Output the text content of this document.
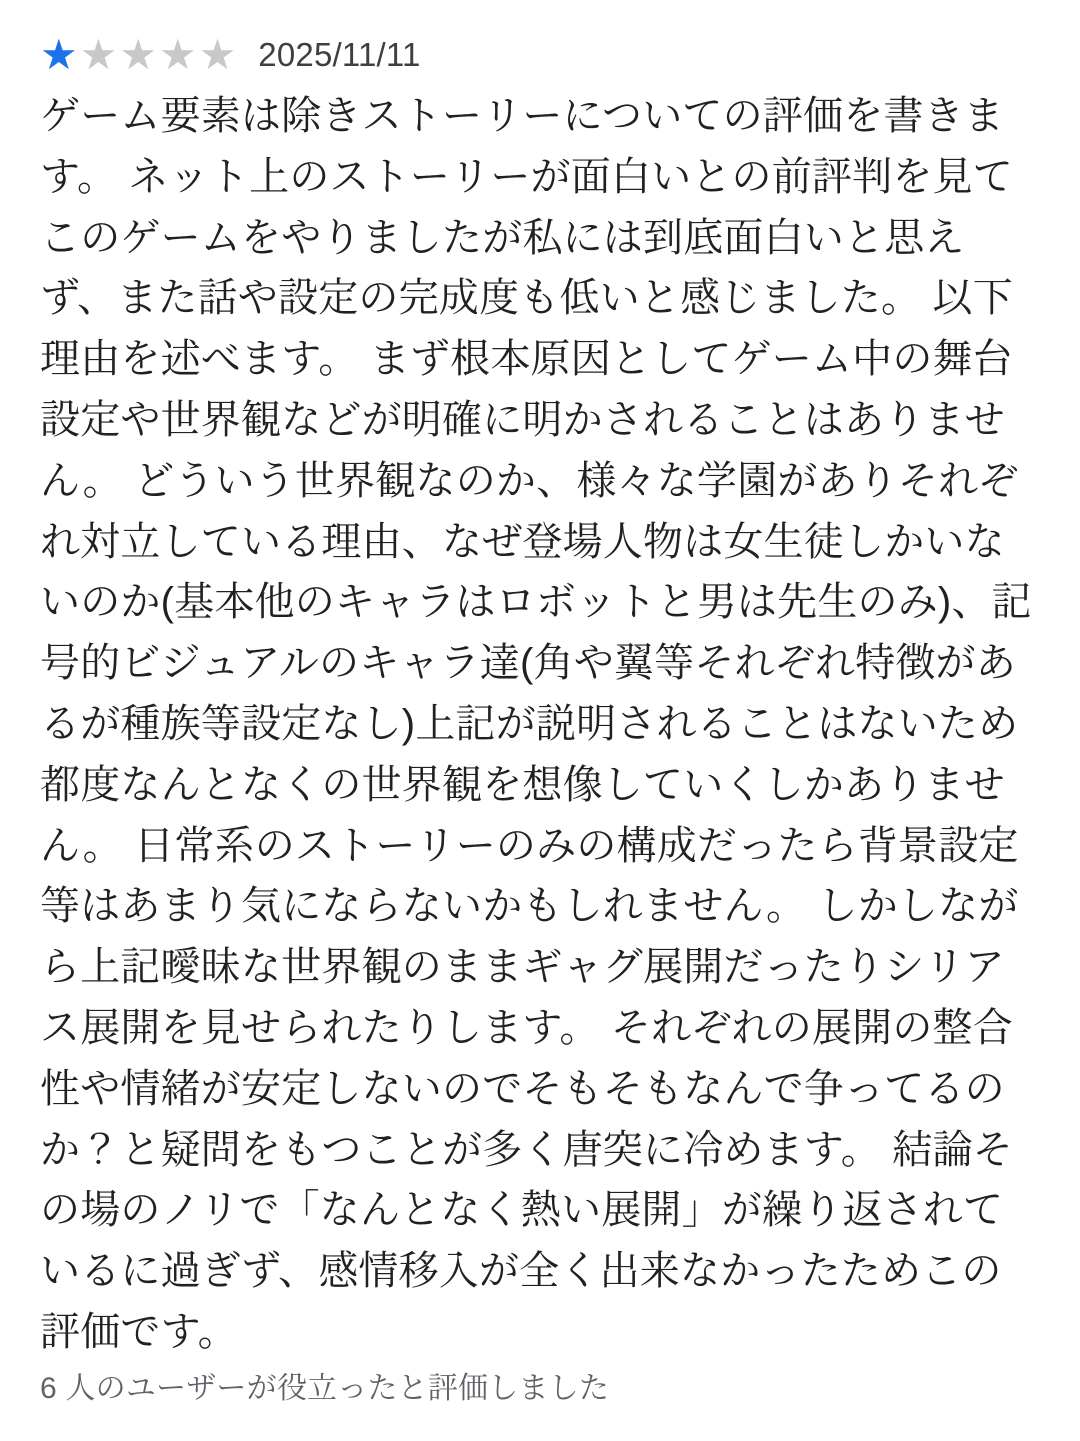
★ ★ ★ ★ ★ 2025/11/11
ゲーム要素は除きストーリーについての評価を書きます。 ネット上のストーリーが面白いとの前評判を見てこのゲームをやりましたが私には到底面白いと思えず、また話や設定の完成度も低いと感じました。 以下理由を述べます。 まず根本原因としてゲーム中の舞台設定や世界観などが明確に明かされることはありません。 どういう世界観なのか、様々な学園がありそれぞれ対立している理由、なぜ登場人物は女生徒しかいないのか(基本他のキャラはロボットと男は先生のみ)、記号的ビジュアルのキャラ達(角や翼等それぞれ特徴があるが種族等設定なし)上記が説明されることはないため都度なんとなくの世界観を想像していくしかありません。 日常系のストーリーのみの構成だったら背景設定等はあまり気にならないかもしれません。 しかしながら上記曖昧な世界観のままギャグ展開だったりシリアス展開を見せられたりします。 それぞれの展開の整合性や情緒が安定しないのでそもそもなんで争ってるのか？と疑問をもつことが多く唐突に冷めます。 結論その場のノリで「なんとなく熱い展開」が繰り返されているに過ぎず、感情移入が全く出来なかったためこの評価です。
6 人のユーザーが役立ったと評価しました
